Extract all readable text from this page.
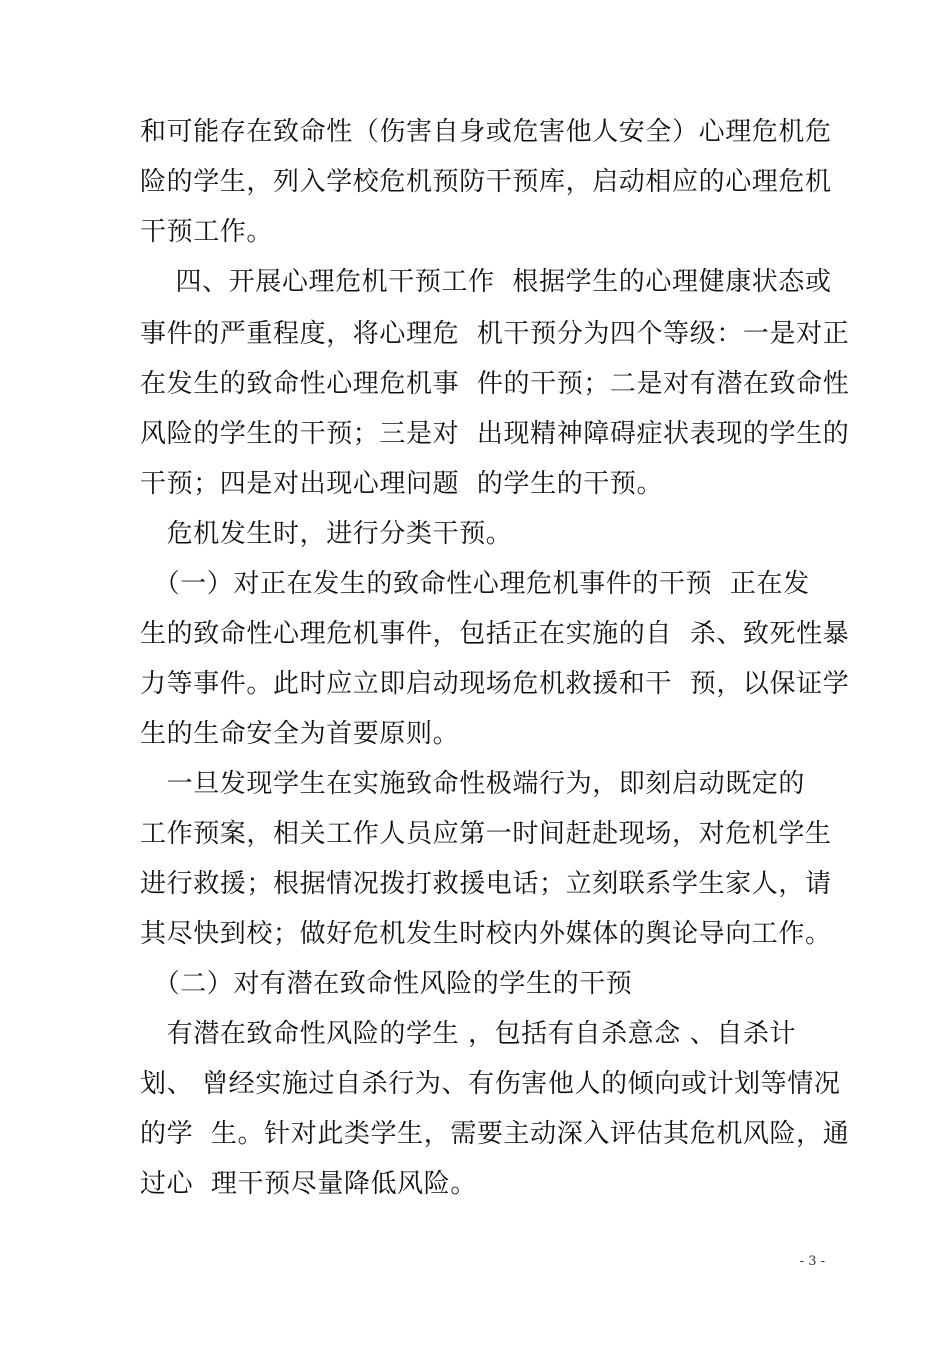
和可能存在致命性（伤害自身或危害他人安全）心理危机危
险的学生，列入学校危机预防干预库，启动相应的心理危机
干预工作。
　 四、开展心理危机干预工作  根据学生的心理健康状态或
事件的严重程度，将心理危  机干预分为四个等级：一是对正
在发生的致命性心理危机事  件的干预；二是对有潜在致命性
风险的学生的干预；三是对  出现精神障碍症状表现的学生的
干预；四是对出现心理问题  的学生的干预。
　危机发生时，进行分类干预。
　（一）对正在发生的致命性心理危机事件的干预  正在发
生的致命性心理危机事件，包括正在实施的自  杀、致死性暴
力等事件。此时应立即启动现场危机救援和干  预，以保证学
生的生命安全为首要原则。
　一旦发现学生在实施致命性极端行为，即刻启动既定的
工作预案，相关工作人员应第一时间赶赴现场，对危机学生
进行救援；根据情况拨打救援电话；立刻联系学生家人，请
其尽快到校；做好危机发生时校内外媒体的舆论导向工作。
　（二）对有潜在致命性风险的学生的干预
　有潜在致命性风险的学生 ，包括有自杀意念 、自杀计
划、 曾经实施过自杀行为、有伤害他人的倾向或计划等情况
的学  生。针对此类学生，需要主动深入评估其危机风险，通
过心  理干预尽量降低风险。
- 3 -
